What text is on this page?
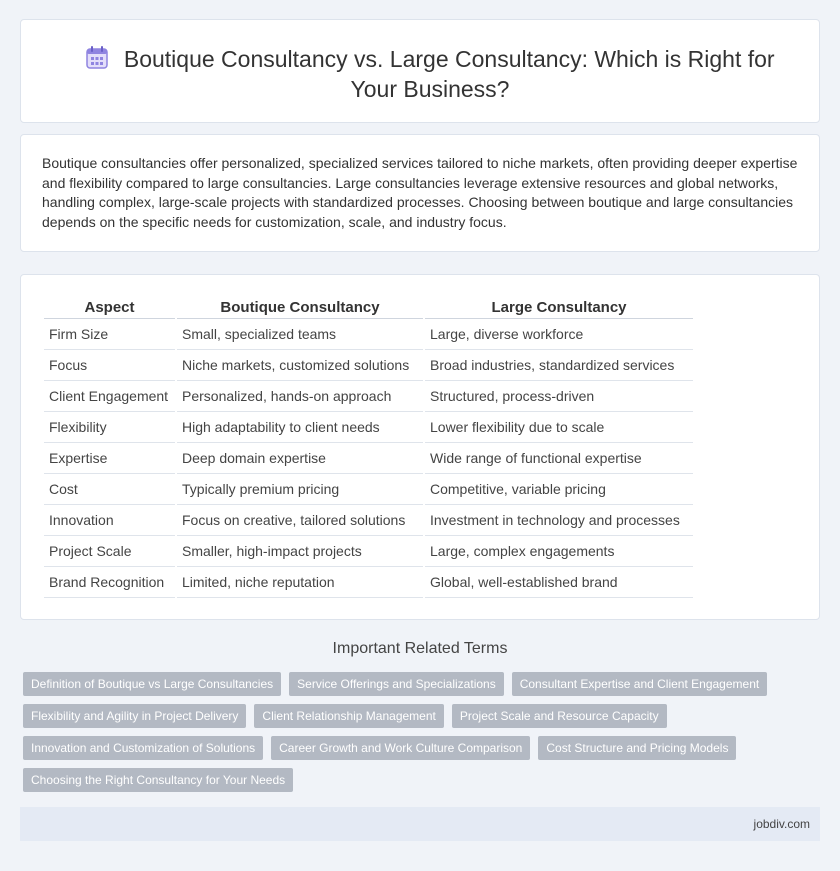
Boutique Consultancy vs. Large Consultancy: Which is Right for Your Business?

Boutique consultancies offer personalized, specialized services tailored to niche markets, often providing deeper expertise and flexibility compared to large consultancies. Large consultancies leverage extensive resources and global networks, handling complex, large-scale projects with standardized processes. Choosing between boutique and large consultancies depends on the specific needs for customization, scale, and industry focus.

Aspect	Boutique Consultancy	Large Consultancy
Firm Size	Small, specialized teams	Large, diverse workforce
Focus	Niche markets, customized solutions	Broad industries, standardized services
Client Engagement	Personalized, hands-on approach	Structured, process-driven
Flexibility	High adaptability to client needs	Lower flexibility due to scale
Expertise	Deep domain expertise	Wide range of functional expertise
Cost	Typically premium pricing	Competitive, variable pricing
Innovation	Focus on creative, tailored solutions	Investment in technology and processes
Project Scale	Smaller, high-impact projects	Large, complex engagements
Brand Recognition	Limited, niche reputation	Global, well-established brand
Important Related Terms
Definition of Boutique vs Large Consultancies	Service Offerings and Specializations	Consultant Expertise and Client Engagement
Flexibility and Agility in Project Delivery	Client Relationship Management	Project Scale and Resource Capacity
Innovation and Customization of Solutions	Career Growth and Work Culture Comparison	Cost Structure and Pricing Models
Choosing the Right Consultancy for Your Needs
jobdiv.com
